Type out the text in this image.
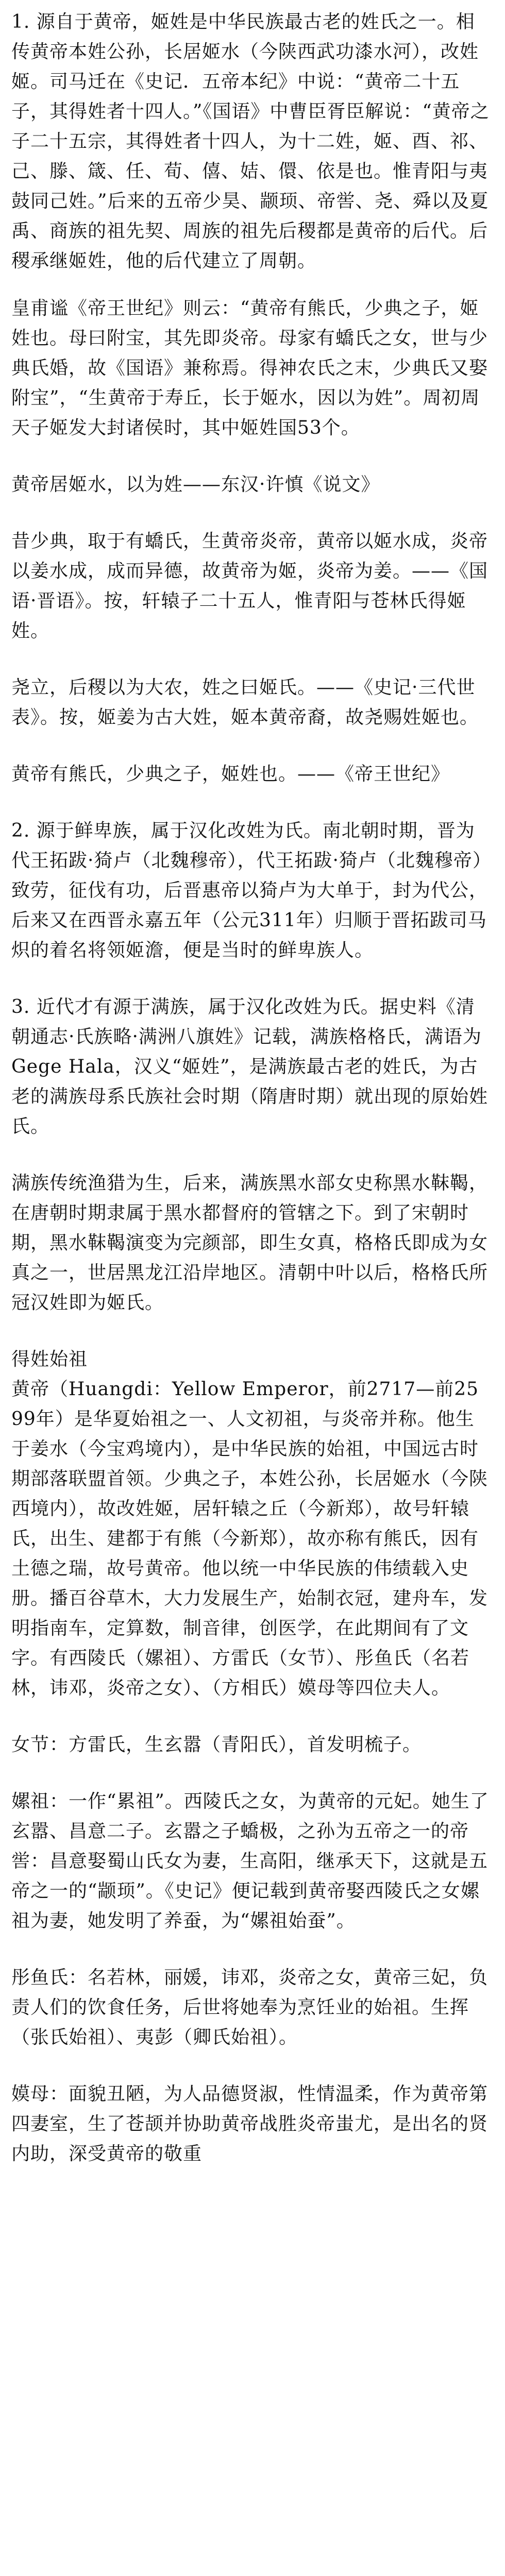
1. 源自于黄帝，姬姓是中华民族最古老的姓氏之一。相传黄帝本姓公孙，长居姬水（今陕西武功漆水河），改姓姬。司马迁在《史记．五帝本纪》中说：“黄帝二十五子，其得姓者十四人。”《国语》中曹臣胥臣解说：“黄帝之子二十五宗，其得姓者十四人，为十二姓，姬、酉、祁、己、滕、箴、任、荀、僖、姞、儇、依是也。惟青阳与夷鼓同己姓。”后来的五帝少昊、颛顼、帝喾、尧、舜以及夏禹、商族的祖先契、周族的祖先后稷都是黄帝的后代。后稷承继姬姓，他的后代建立了周朝。

皇甫谧《帝王世纪》则云：“黄帝有熊氏，少典之子，姬姓也。母曰附宝，其先即炎帝。母家有蟜氏之女，世与少典氏婚，故《国语》兼称焉。得神农氏之末，少典氏又娶附宝”，“生黄帝于寿丘，长于姬水，因以为姓”。周初周天子姬发大封诸侯时，其中姬姓国53个。

黄帝居姬水，以为姓——东汉·许慎《说文》

昔少典，取于有蟜氏，生黄帝炎帝，黄帝以姬水成，炎帝以姜水成，成而异德，故黄帝为姬，炎帝为姜。——《国语·晋语》。按，轩辕子二十五人，惟青阳与苍林氏得姬姓。

尧立，后稷以为大农，姓之曰姬氏。——《史记·三代世表》。按，姬姜为古大姓，姬本黄帝裔，故尧赐姓姬也。

黄帝有熊氏，少典之子，姬姓也。——《帝王世纪》

2. 源于鲜卑族，属于汉化改姓为氏。南北朝时期，晋为代王拓跋·猗卢（北魏穆帝），代王拓跋·猗卢（北魏穆帝）致劳，征伐有功，后晋惠帝以猗卢为大单于，封为代公，后来又在西晋永嘉五年（公元311年）归顺于晋拓跋司马炽的着名将领姬澹，便是当时的鲜卑族人。

3. 近代才有源于满族，属于汉化改姓为氏。据史料《清朝通志·氏族略·满洲八旗姓》记载，满族格格氏，满语为Gege Hala，汉义“姬姓”，是满族最古老的姓氏，为古老的满族母系氏族社会时期（隋唐时期）就出现的原始姓氏。

满族传统渔猎为生，后来，满族黑水部女史称黑水靺鞨，在唐朝时期隶属于黑水都督府的管辖之下。到了宋朝时期，黑水靺鞨演变为完颜部，即生女真，格格氏即成为女真之一，世居黑龙江沿岸地区。清朝中叶以后，格格氏所冠汉姓即为姬氏。

得姓始祖

黄帝（Huangdi：Yellow Emperor，前2717—前2599年）是华夏始祖之一、人文初祖，与炎帝并称。他生于姜水（今宝鸡境内），是中华民族的始祖，中国远古时期部落联盟首领。少典之子，本姓公孙，长居姬水（今陕西境内），故改姓姬，居轩辕之丘（今新郑），故号轩辕氏，出生、建都于有熊（今新郑），故亦称有熊氏，因有土德之瑞，故号黄帝。他以统一中华民族的伟绩载入史册。播百谷草木，大力发展生产，始制衣冠，建舟车，发明指南车，定算数，制音律，创医学，在此期间有了文字。有西陵氏（嫘祖）、方雷氏（女节）、彤鱼氏（名若林，讳邓，炎帝之女）、（方相氏）嫫母等四位夫人。

女节：方雷氏，生玄嚣（青阳氏），首发明梳子。

嫘祖：一作“累祖”。西陵氏之女，为黄帝的元妃。她生了玄嚣、昌意二子。玄嚣之子蟜极，之孙为五帝之一的帝喾：昌意娶蜀山氏女为妻，生高阳，继承天下，这就是五帝之一的“颛顼”。《史记》便记载到黄帝娶西陵氏之女嫘祖为妻，她发明了养蚕，为“嫘祖始蚕”。

彤鱼氏：名若林，丽媛，讳邓，炎帝之女，黄帝三妃，负责人们的饮食任务，后世将她奉为烹饪业的始祖。生挥（张氏始祖）、夷彭（卿氏始祖）。

嫫母：面貌丑陋，为人品德贤淑，性情温柔，作为黄帝第四妻室，生了苍颉并协助黄帝战胜炎帝蚩尤，是出名的贤内助，深受黄帝的敬重
